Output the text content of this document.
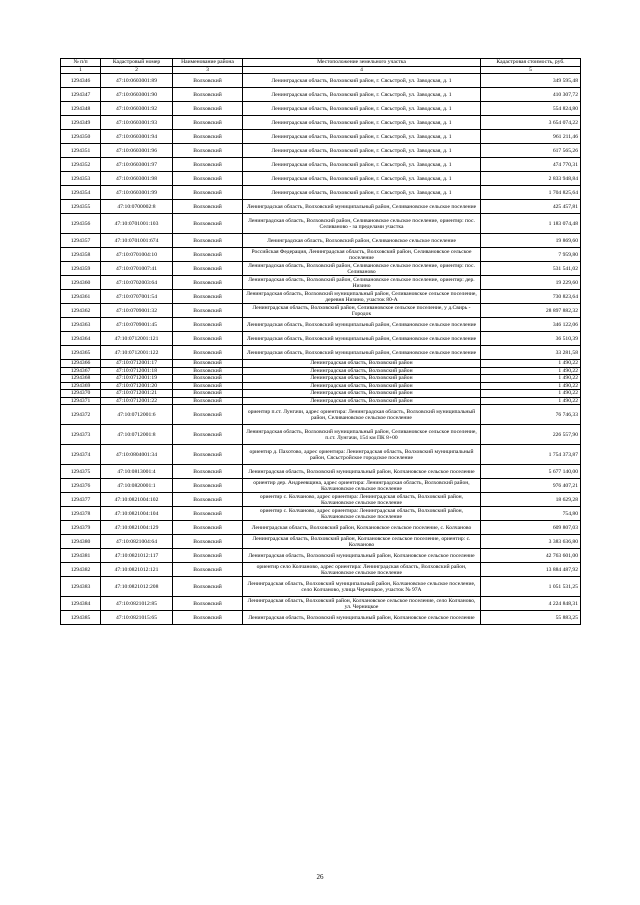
№ п/п	Кадастровый номер	Наименование района	Местоположение земельного участка	Кадастровая стоимость, руб.
1	2	3	4	5
1294346	47:10:0603001:89	Волховский	Ленинградская область, Волховский район, г. Сясьстрой, ул. Заводская, д. 1	349 595,48
1294347	47:10:0603001:90	Волховский	Ленинградская область, Волховский район, г. Сясьстрой, ул. Заводская, д. 1	410 307,72
1294348	47:10:0603001:92	Волховский	Ленинградская область, Волховский район, г. Сясьстрой, ул. Заводская, д. 1	554 824,80
1294349	47:10:0603001:93	Волховский	Ленинградская область, Волховский район, г. Сясьстрой, ул. Заводская, д. 1	3 654 074,22
1294350	47:10:0603001:94	Волховский	Ленинградская область, Волховский район, г. Сясьстрой, ул. Заводская, д. 1	961 211,46
1294351	47:10:0603001:96	Волховский	Ленинградская область, Волховский район, г. Сясьстрой, ул. Заводская, д. 1	617 565,26
1294352	47:10:0603001:97	Волховский	Ленинградская область, Волховский район, г. Сясьстрой, ул. Заводская, д. 1	474 770,31
1294353	47:10:0603001:98	Волховский	Ленинградская область, Волховский район, г. Сясьстрой, ул. Заводская, д. 1	2 833 948,84
1294354	47:10:0603001:99	Волховский	Ленинградская область, Волховский район, г. Сясьстрой, ул. Заводская, д. 1	1 704 825,64
1294355	47:10:0700002:8	Волховский	Ленинградская область, Волховский муниципальный район, Селивановское сельское поселение	425 457,81
1294356	47:10:0701001:103	Волховский	Ленинградская область, Волховский район, Селивановское сельское поселение, ориентир: пос. Селиваново - за пределами участка	1 183 074,48
1294357	47:10:0701001:674	Волховский	Ленинградская область, Волховский район, Селивановское сельское поселение	19 869,60
1294358	47:10:0701004:10	Волховский	Российская Федерация, Ленинградская область, Волховский район, Селивановское сельское поселение	7 959,80
1294359	47:10:0701007:41	Волховский	Ленинградская область, Волховский район, Селивановское сельское поселение, ориентир: пос. Селиваново	531 541,02
1294360	47:10:0702003:64	Волховский	Ленинградская область, Волховский район, Селивановское сельское поселение, ориентир: дер. Низино	19 229,60
1294361	47:10:0707001:54	Волховский	Ленинградская область, Волховский муниципальный район, Селивановское сельское поселение, деревня Низино, участок 80-А	730 823,64
1294362	47:10:0709001:32	Волховский	Ленинградская область, Волховский район, Селивановское сельское поселение, у д.Свирь - Городок	28 897 882,32
1294363	47:10:0709001:45	Волховский	Ленинградская область, Волховский муниципальный район, Селивановское сельское поселение	346 122,06
1294364	47:10:0712001:121	Волховский	Ленинградская область, Волховский муниципальный район, Селивановское сельское поселение	36 510,39
1294365	47:10:0712001:122	Волховский	Ленинградская область, Волховский муниципальный район, Селивановское сельское поселение	33 281,58
1294366	47:10:0712001:17	Волховский	Ленинградская область, Волховский район	1 490,22
1294367	47:10:0712001:18	Волховский	Ленинградская область, Волховский район	1 490,22
1294368	47:10:0712001:19	Волховский	Ленинградская область, Волховский район	1 490,22
1294369	47:10:0712001:20	Волховский	Ленинградская область, Волховский район	1 490,22
1294370	47:10:0712001:21	Волховский	Ленинградская область, Волховский район	1 490,22
1294371	47:10:0712001:22	Волховский	Ленинградская область, Волховский район	1 490,22
1294372	47:10:0712001:6	Волховский	ориентир п.ст. Лунгачи, адрес ориентира: Ленинградская область, Волховский муниципальный район, Селивановское сельское поселение	76 746,33
1294373	47:10:0712001:8	Волховский	Ленинградская область, Волховский муниципальный район, Селивановское сельское поселение, п.ст. Лунгачи, 154 км ПК 8+00	226 557,90
1294374	47:10:0804001:34	Волховский	ориентир д. Пахотово, адрес ориентира: Ленинградская область, Волховский муниципальный район, Сясьстройское городское поселение	1 754 373,87
1294375	47:10:0813001:4	Волховский	Ленинградская область, Волховский муниципальный район, Колчановское сельское поселение	5 677 140,00
1294376	47:10:0820001:1	Волховский	ориентир дер. Андреевщина, адрес ориентира: Ленинградская область, Волховский район, Колчановское сельское поселение	976 407,21
1294377	47:10:0821004:102	Волховский	ориентир с. Колчаново, адрес ориентира: Ленинградская область, Волховский район, Колчановское сельское поселение	18 629,28
1294378	47:10:0821004:104	Волховский	ориентир с. Колчаново, адрес ориентира: Ленинградская область, Волховский район, Колчановское сельское поселение	754,80
1294379	47:10:0821004:129	Волховский	Ленинградская область, Волховский район, Колчановское сельское поселение, с. Колчаново	609 807,03
1294380	47:10:0821004:64	Волховский	Ленинградская область, Волховский район, Колчановское сельское поселение, ориентир: с. Колчаново	3 383 636,80
1294381	47:10:0821012:117	Волховский	Ленинградская область, Волховский муниципальный район, Колчановское сельское поселение	42 763 601,00
1294382	47:10:0821012:121	Волховский	ориентир село Колчаново, адрес ориентира: Ленинградская область, Волховский район, Колчановское сельское поселение	13 884 487,92
1294383	47:10:0821012:208	Волховский	Ленинградская область, Волховский муниципальный район, Колчановское сельское поселение, село Колчаново, улица Черницкое, участок № 97А	1 051 531,25
1294384	47:10:0821012:85	Волховский	Ленинградская область, Волховский район, Колчановское сельское поселение, село Колчаново, ул. Черницкое	4 224 848,31
1294385	47:10:0821015:65	Волховский	Ленинградская область, Волховский муниципальный район, Колчановское сельское поселение	55 883,25
26
